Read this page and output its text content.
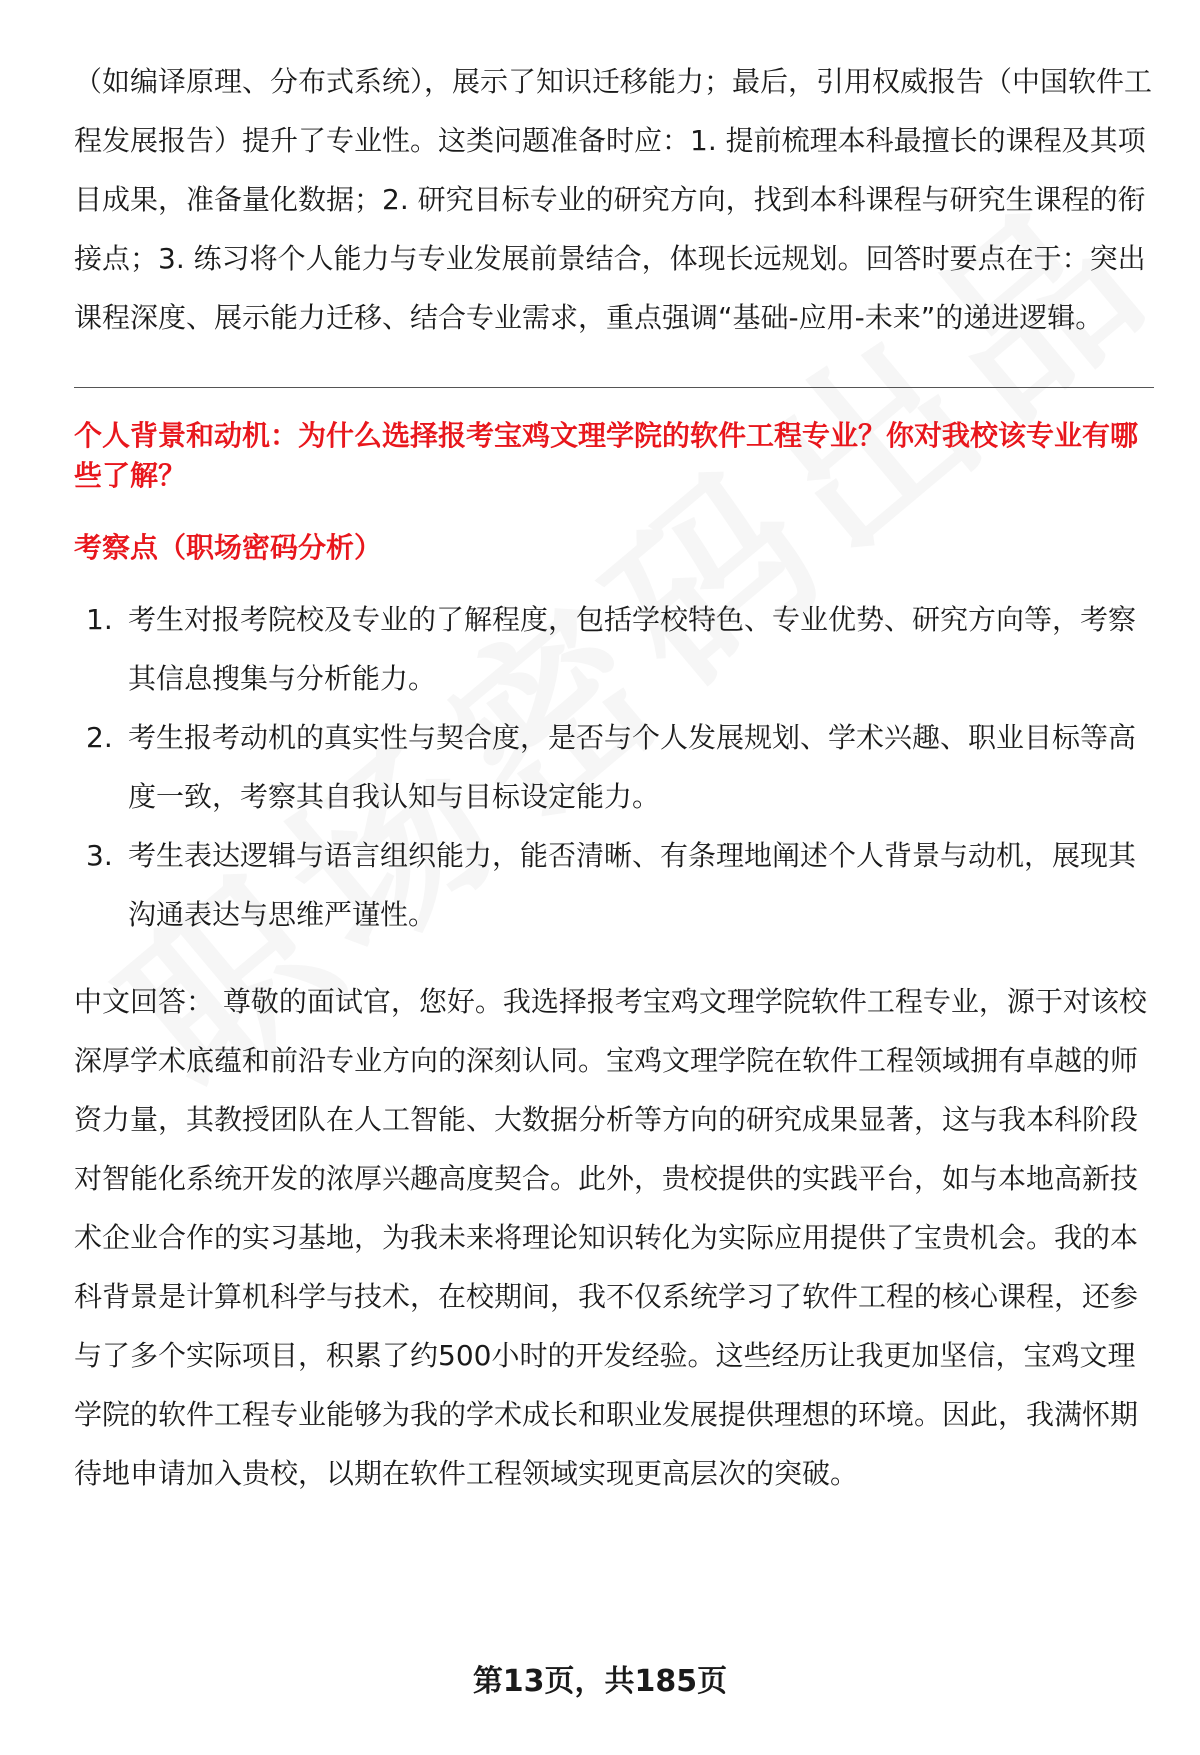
（如编译原理、分布式系统），展示了知识迁移能力；最后，引用权威报告（中国软件工程发展报告）提升了专业性。这类问题准备时应：1. 提前梳理本科最擅长的课程及其项目成果，准备量化数据；2. 研究目标专业的研究方向，找到本科课程与研究生课程的衔接点；3. 练习将个人能力与专业发展前景结合，体现长远规划。回答时要点在于：突出课程深度、展示能力迁移、结合专业需求，重点强调“基础-应用-未来”的递进逻辑。

个人背景和动机：为什么选择报考宝鸡文理学院的软件工程专业？你对我校该专业有哪些了解？

考察点（职场密码分析）
1. 考生对报考院校及专业的了解程度，包括学校特色、专业优势、研究方向等，考察其信息搜集与分析能力。
2. 考生报考动机的真实性与契合度，是否与个人发展规划、学术兴趣、职业目标等高度一致，考察其自我认知与目标设定能力。
3. 考生表达逻辑与语言组织能力，能否清晰、有条理地阐述个人背景与动机，展现其沟通表达与思维严谨性。

中文回答： 尊敬的面试官，您好。我选择报考宝鸡文理学院软件工程专业，源于对该校深厚学术底蕴和前沿专业方向的深刻认同。宝鸡文理学院在软件工程领域拥有卓越的师资力量，其教授团队在人工智能、大数据分析等方向的研究成果显著，这与我本科阶段对智能化系统开发的浓厚兴趣高度契合。此外，贵校提供的实践平台，如与本地高新技术企业合作的实习基地，为我未来将理论知识转化为实际应用提供了宝贵机会。我的本科背景是计算机科学与技术，在校期间，我不仅系统学习了软件工程的核心课程，还参与了多个实际项目，积累了约500小时的开发经验。这些经历让我更加坚信，宝鸡文理学院的软件工程专业能够为我的学术成长和职业发展提供理想的环境。因此，我满怀期待地申请加入贵校，以期在软件工程领域实现更高层次的突破。

第13页，共185页
